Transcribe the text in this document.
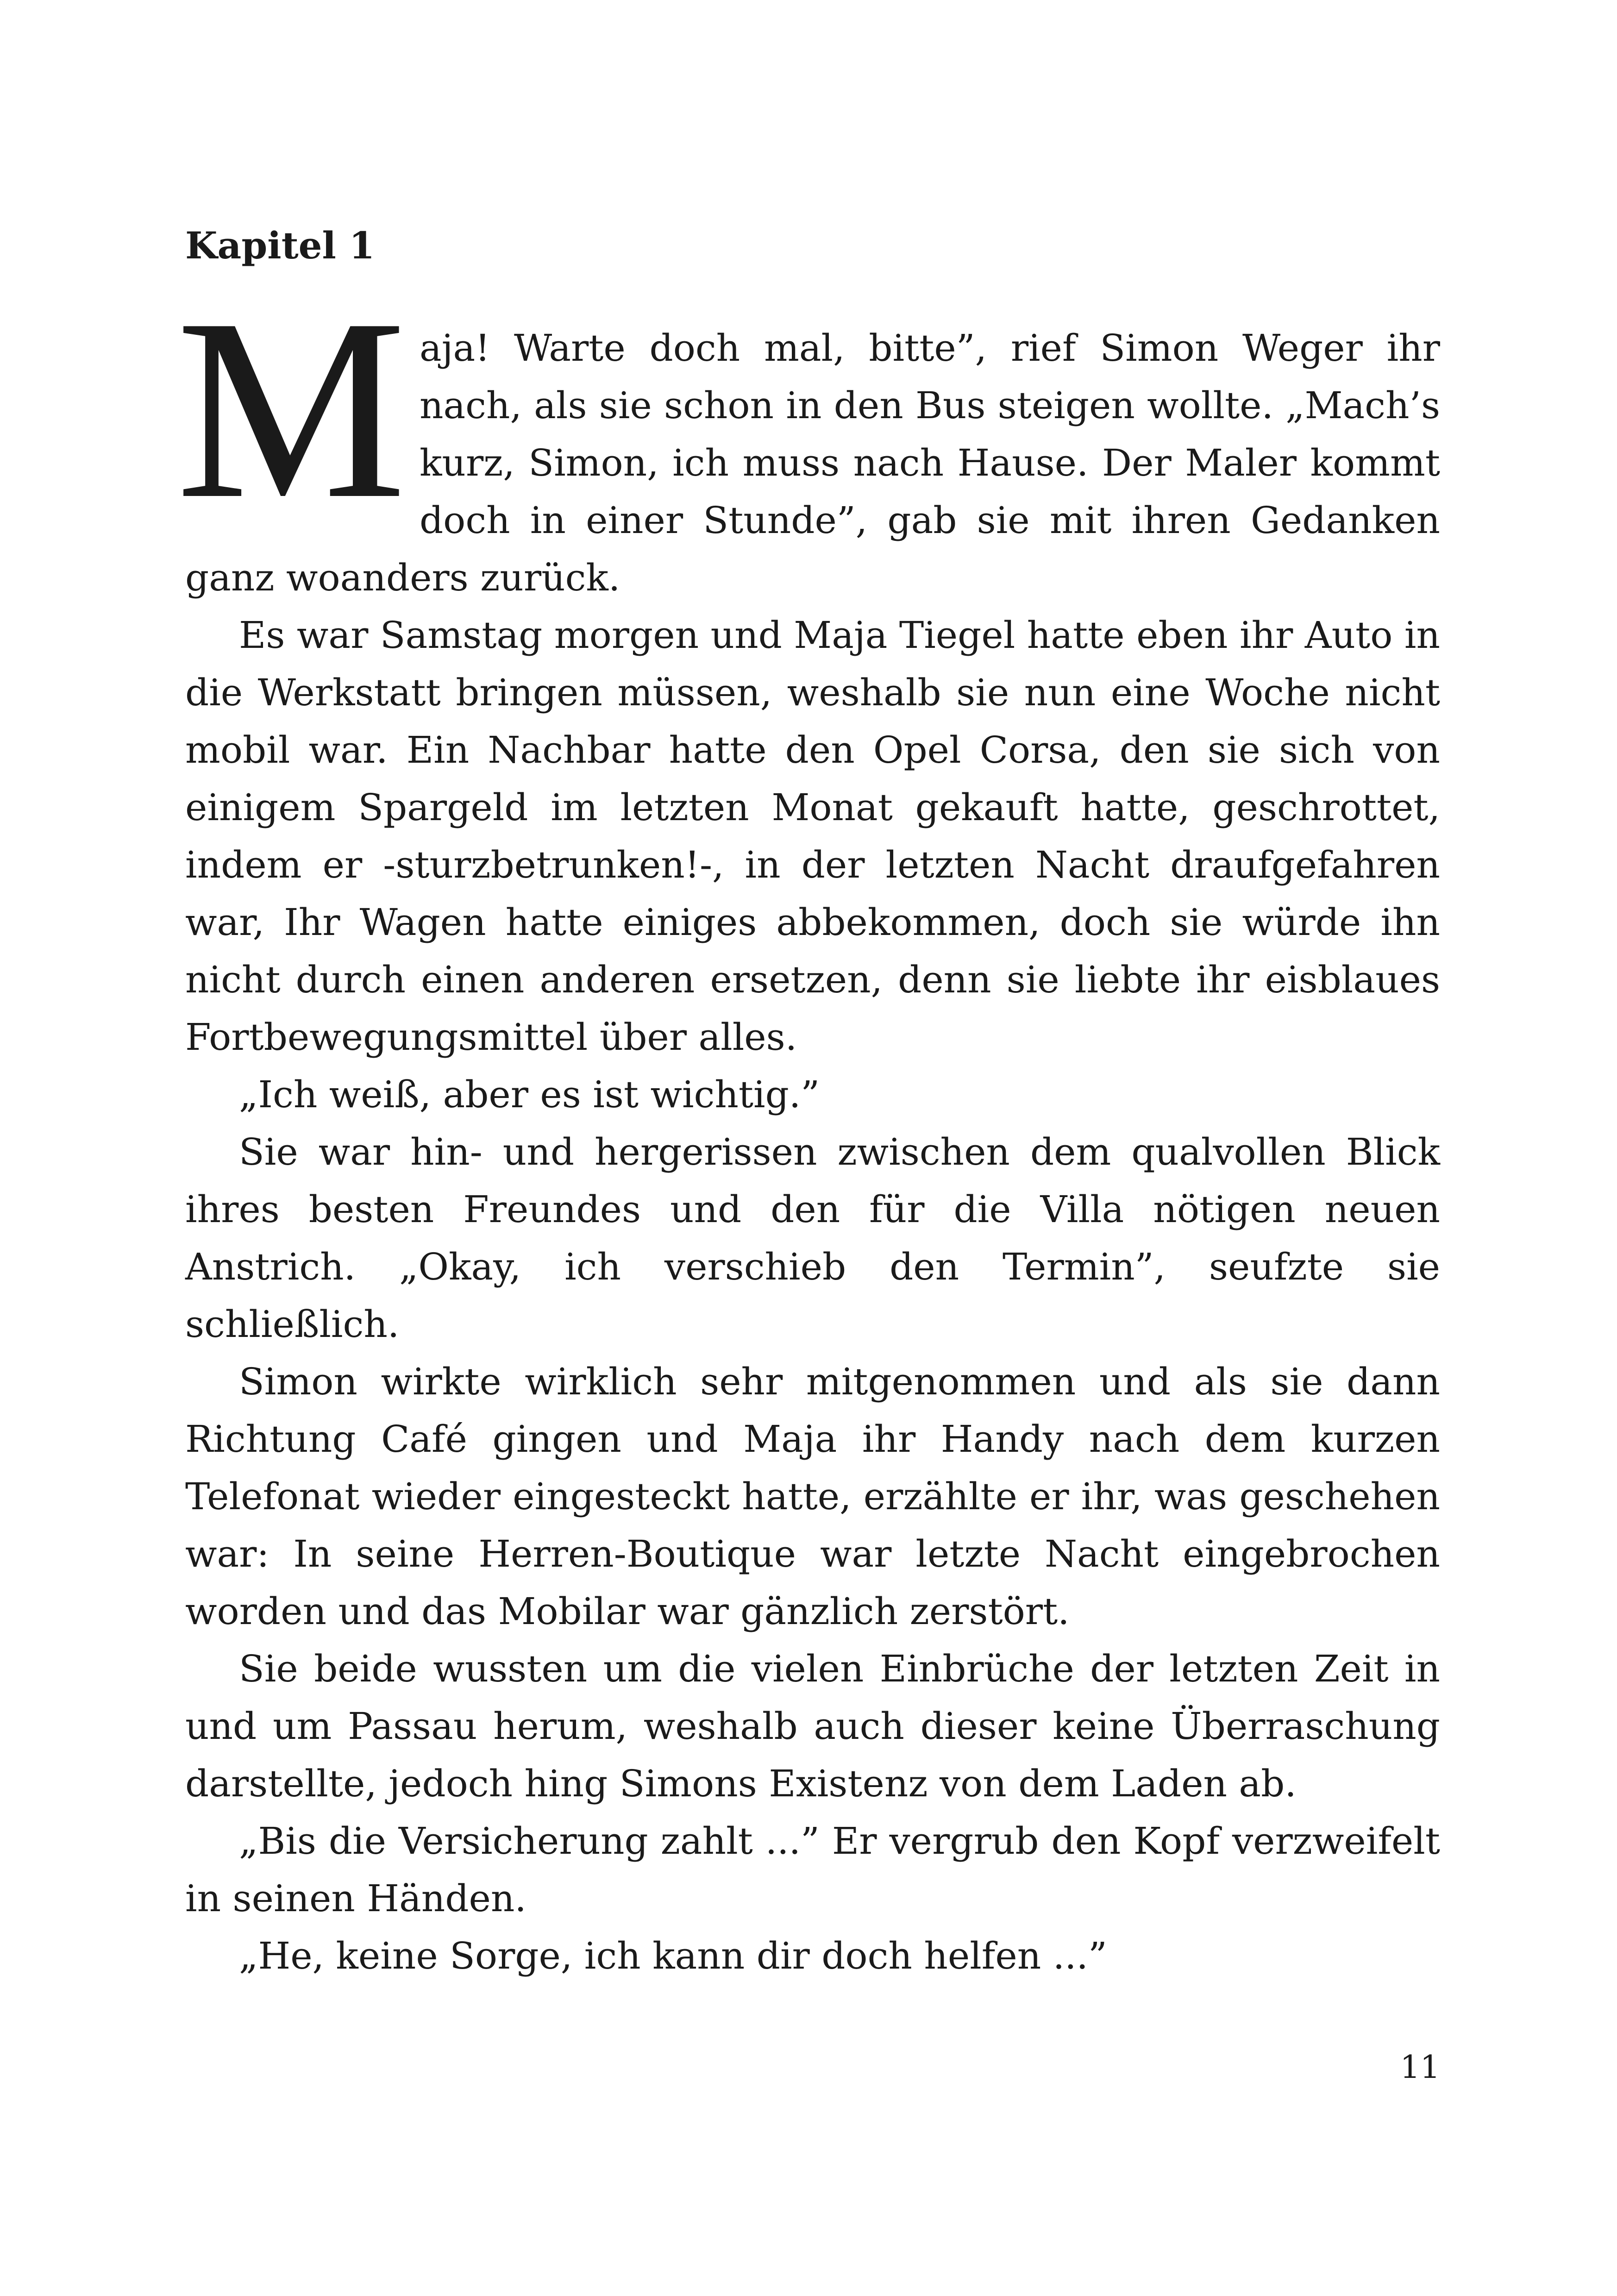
Kapitel 1

Maja! Warte doch mal, bitte”, rief Simon Weger ihr nach, als sie schon in den Bus steigen wollte. „Mach’s kurz, Simon, ich muss nach Hause. Der Maler kommt doch in einer Stunde”, gab sie mit ihren Gedanken ganz woanders zurück.

Es war Samstag morgen und Maja Tiegel hatte eben ihr Auto in die Werkstatt bringen müssen, weshalb sie nun eine Woche nicht mobil war. Ein Nachbar hatte den Opel Corsa, den sie sich von einigem Spargeld im letzten Monat gekauft hatte, geschrottet, indem er -sturzbetrunken!-, in der letzten Nacht draufgefahren war, Ihr Wagen hatte einiges abbekommen, doch sie würde ihn nicht durch einen anderen ersetzen, denn sie liebte ihr eisblaues Fortbewegungsmittel über alles.

„Ich weiß, aber es ist wichtig.”

Sie war hin- und hergerissen zwischen dem qualvollen Blick ihres besten Freundes und den für die Villa nötigen neuen Anstrich. „Okay, ich verschieb den Termin”, seufzte sie schließlich.

Simon wirkte wirklich sehr mitgenommen und als sie dann Richtung Café gingen und Maja ihr Handy nach dem kurzen Telefonat wieder eingesteckt hatte, erzählte er ihr, was geschehen war: In seine Herren-Boutique war letzte Nacht eingebrochen worden und das Mobilar war gänzlich zerstört.

Sie beide wussten um die vielen Einbrüche der letzten Zeit in und um Passau herum, weshalb auch dieser keine Überraschung darstellte, jedoch hing Simons Existenz von dem Laden ab.

„Bis die Versicherung zahlt ...” Er vergrub den Kopf verzweifelt in seinen Händen.

„He, keine Sorge, ich kann dir doch helfen ...”

11
